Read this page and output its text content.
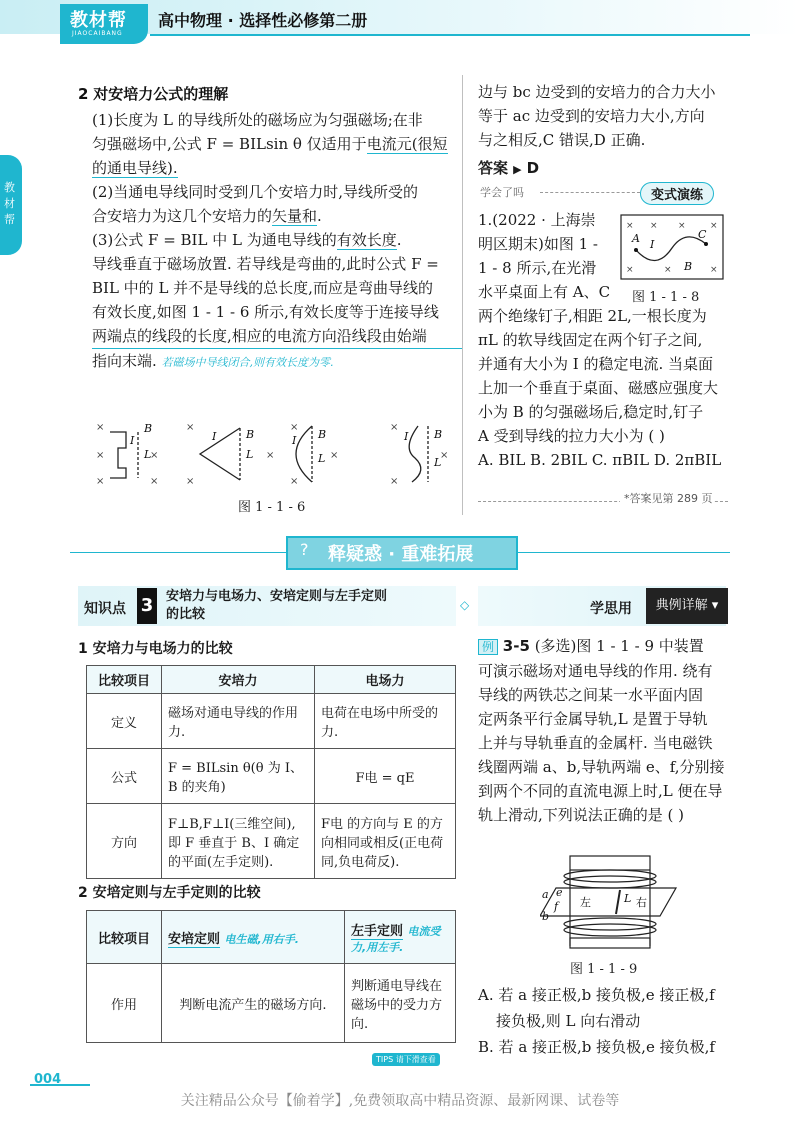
教材帮
JIAOCAIBANG
高中物理 · 选择性必修第二册
教材帮
2 对安培力公式的理解
(1)长度为 L 的导线所处的磁场应为匀强磁场;在非
匀强磁场中,公式 F = BILsin θ 仅适用于电流元(很短
的通电导线).
(2)当通电导线同时受到几个安培力时,导线所受的
合安培力为这几个安培力的矢量和.
(3)公式 F = BIL 中 L 为通电导线的有效长度.
导线垂直于磁场放置. 若导线是弯曲的,此时公式 F =
BIL 中的 L 并不是导线的总长度,而应是弯曲导线的
有效长度,如图 1 - 1 - 6 所示,有效长度等于连接导线
两端点的线段的长度,相应的电流方向沿线段由始端
指向末端. 若磁场中导线闭合,则有效长度为零.
×
×
×
×
×
×
×
×
×
×
×
×
×
×
B
I
L
B
I
L
B
I
L
B
I
L
图 1 - 1 - 6
边与 bc 边受到的安培力的合力大小
等于 ac 边受到的安培力大小,方向
与之相反,C 错误,D 正确.
答案 ▶ D
学会了吗	变式演练
1.(2022 · 上海崇
明区期末)如图 1 -
1 - 8 所示,在光滑
水平桌面上有 A、C
两个绝缘钉子,相距 2L,一根长度为
πL 的软导线固定在两个钉子之间,
并通有大小为 I 的稳定电流. 当桌面
上加一个垂直于桌面、磁感应强度大
小为 B 的匀强磁场后,稳定时,钉子
A 受到导线的拉力大小为 ( )
A. BIL B. 2BIL C. πBIL D. 2πBIL
× × ×	×
×	×	×
A I
C
B
图 1 - 1 - 8
*答案见第 289 页
? 释疑惑 · 重难拓展
知识点 3 安培力与电场力、安培定则与左手定则
的比较
◇	学思用	典例详解 ▾
1 安培力与电场力的比较
比较项目	安培力	电场力
定义	磁场对通电导线的作用力.	电荷在电场中所受的力.
公式	F = BILsin θ(θ 为 I、B 的夹角)	F电 = qE
方向	F⊥B,F⊥I(三维空间),即 F 垂直于 B、I 确定的平面(左手定则).	F电 的方向与 E 的方向相同或相反(正电荷同,负电荷反).
2 安培定则与左手定则的比较
比较项目	安培定则 电生磁,用右手.	左手定则 电流受力,用左手.
作用	判断电流产生的磁场方向.	判断通电导线在磁场中的受力方向.
例 3-5 (多选)图 1 - 1 - 9 中装置
可演示磁场对通电导线的作用. 绕有
导线的两铁芯之间某一水平面内固
定两条平行金属导轨,L 是置于导轨
上并与导轨垂直的金属杆. 当电磁铁
线圈两端 a、b,导轨两端 e、f,分别接
到两个不同的直流电源上时,L 便在导
轨上滑动,下列说法正确的是 ( )
a
b
e
f
L
左	右
图 1 - 1 - 9
A. 若 a 接正极,b 接负极,e 接正极,f
接负极,则 L 向右滑动
B. 若 a 接正极,b 接负极,e 接负极,f
004
TIPS 请下滑查看
关注精品公众号【偷着学】,免费领取高中精品资源、最新网课、试卷等
